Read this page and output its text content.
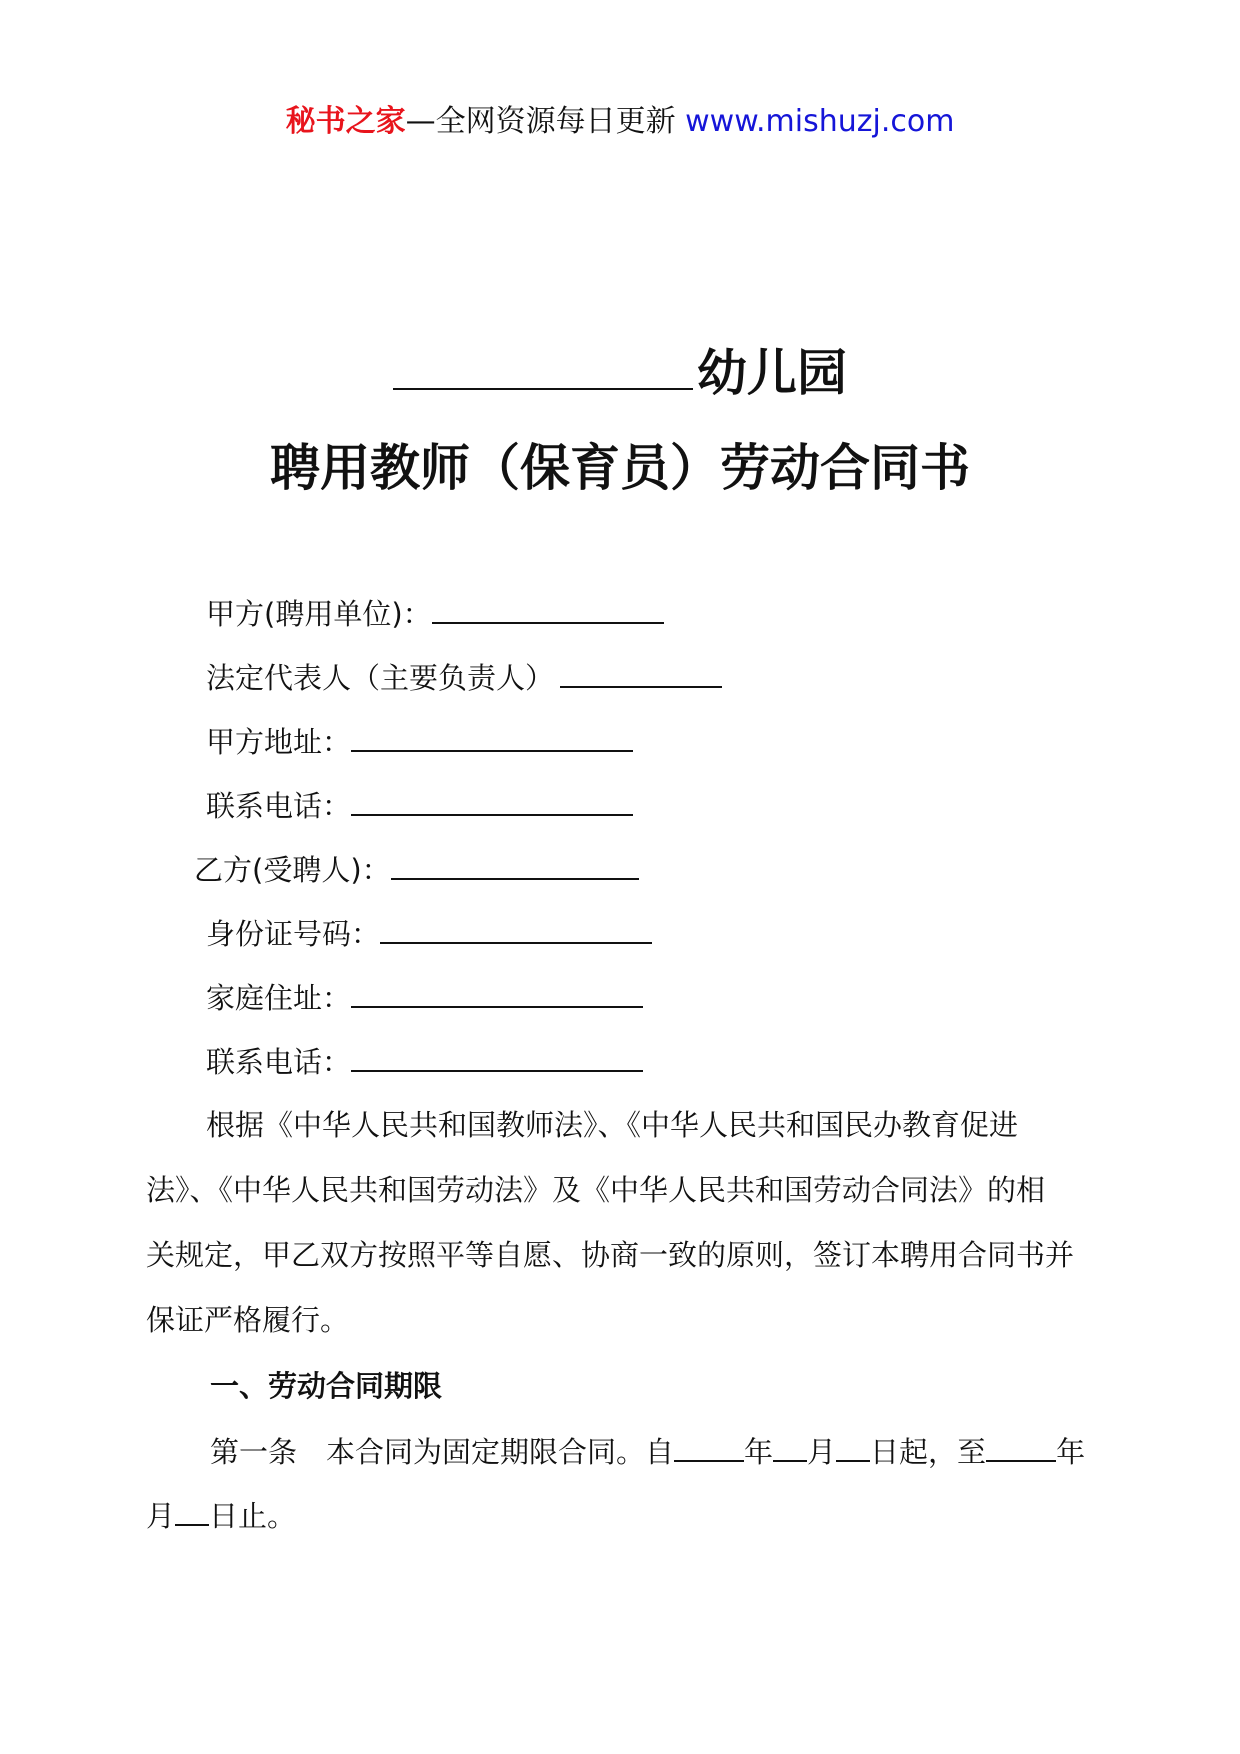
秘书之家—全网资源每日更新 www.mishuzj.com
幼儿园
聘用教师（保育员）劳动合同书
甲方(聘用单位)：
法定代表人（主要负责人）
甲方地址：
联系电话：
乙方(受聘人)：
身份证号码：
家庭住址：
联系电话：
根据《中华人民共和国教师法》、《中华人民共和国民办教育促进
法》、《中华人民共和国劳动法》及《中华人民共和国劳动合同法》的相
关规定，甲乙双方按照平等自愿、协商一致的原则，签订本聘用合同书并
保证严格履行。
一、劳动合同期限
第一条　本合同为固定期限合同。自 年 月 日起，至 年
月 日止。
